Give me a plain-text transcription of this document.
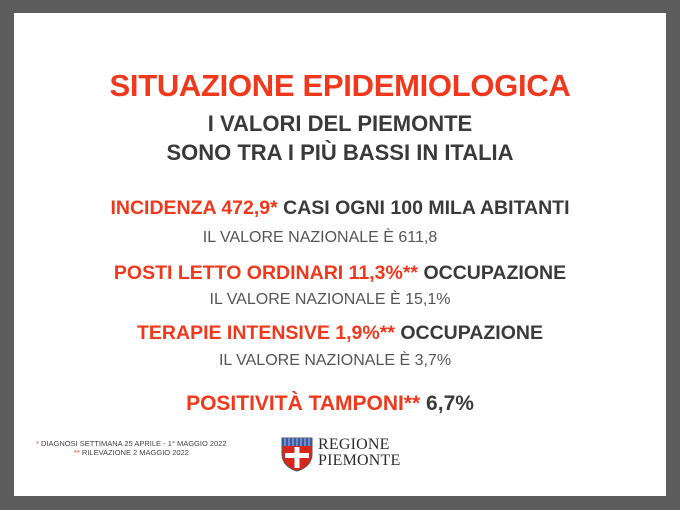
SITUAZIONE EPIDEMIOLOGICA
I VALORI DEL PIEMONTE
SONO TRA I PIÙ BASSI IN ITALIA
INCIDENZA 472,9* CASI OGNI 100 MILA ABITANTI
IL VALORE NAZIONALE È 611,8
POSTI LETTO ORDINARI 11,3%** OCCUPAZIONE
IL VALORE NAZIONALE È 15,1%
TERAPIE INTENSIVE 1,9%** OCCUPAZIONE
IL VALORE NAZIONALE È 3,7%
POSITIVITÀ TAMPONI** 6,7%
* DIAGNOSI SETTIMANA 25 APRILE - 1° MAGGIO 2022
** RILEVAZIONE 2 MAGGIO 2022	REGIONE
PIEMONTE
